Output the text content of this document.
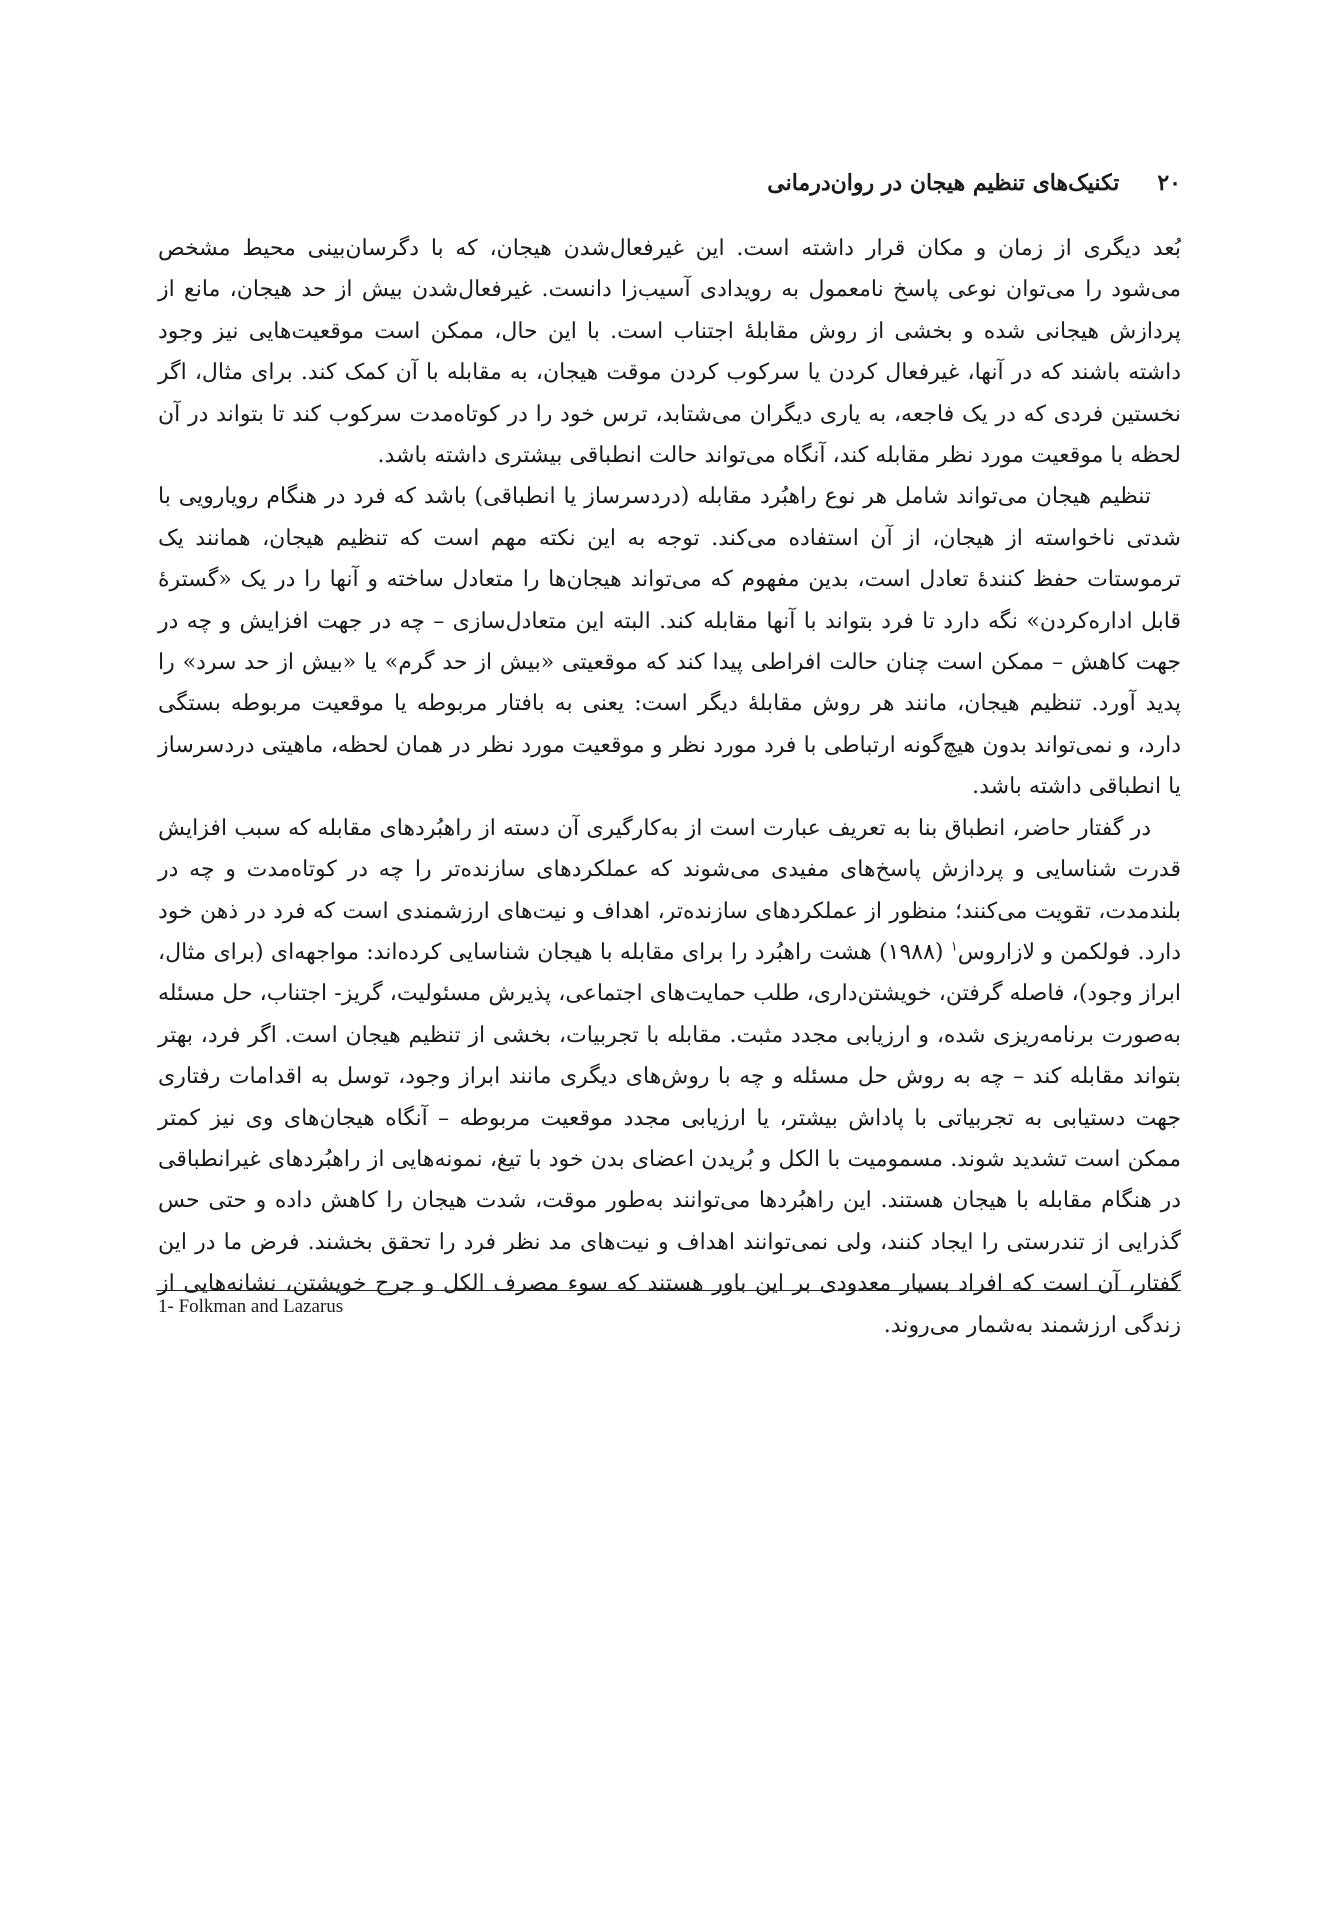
۲۰
تکنیک‌های تنظیم هیجان در روان‌درمانی

بُعد دیگری از زمان و مکان قرار داشته است. این غیرفعال‌شدن هیجان، که با دگرسان‌بینی محیط مشخص می‌شود را می‌توان نوعی پاسخ نامعمول به رویدادی آسیب‌زا دانست. غیرفعال‌شدن بیش از حد هیجان، مانع از پردازش هیجانی شده و بخشی از روش مقابلۀ اجتناب است. با این حال، ممکن است موقعیت‌هایی نیز وجود داشته باشند که در آنها، غیرفعال کردن یا سرکوب کردن موقت هیجان، به مقابله با آن کمک کند. برای مثال، اگر نخستین فردی که در یک فاجعه، به یاری دیگران می‌شتابد، ترس خود را در کوتاه‌مدت سرکوب کند تا بتواند در آن لحظه با موقعیت مورد نظر مقابله کند، آنگاه می‌تواند حالت انطباقی بیشتری داشته باشد.

تنظیم هیجان می‌تواند شامل هر نوع راهبُرد مقابله (دردسرساز یا انطباقی) باشد که فرد در هنگام رویارویی با شدتی ناخواسته از هیجان، از آن استفاده می‌کند. توجه به این نکته مهم است که تنظیم هیجان، همانند یک ترموستات حفظ کنندۀ تعادل است، بدین مفهوم که می‌تواند هیجان‌ها را متعادل ساخته و آنها را در یک «گسترۀ قابل اداره‌کردن» نگه دارد تا فرد بتواند با آنها مقابله کند. البته این متعادل‌سازی – چه در جهت افزایش و چه در جهت کاهش – ممکن است چنان حالت افراطی پیدا کند که موقعیتی «بیش از حد گرم» یا «بیش از حد سرد» را پدید آورد. تنظیم هیجان، مانند هر روش مقابلۀ دیگر است: یعنی به بافتار مربوطه یا موقعیت مربوطه بستگی دارد، و نمی‌تواند بدون هیچ‌گونه ارتباطی با فرد مورد نظر و موقعیت مورد نظر در همان لحظه، ماهیتی دردسرساز یا انطباقی داشته باشد.

در گفتار حاضر، انطباق بنا به تعریف عبارت است از به‌کارگیری آن دسته از راهبُردهای مقابله که سبب افزایش قدرت شناسایی و پردازش پاسخ‌های مفیدی می‌شوند که عملکردهای سازنده‌تر را چه در کوتاه‌مدت و چه در بلندمدت، تقویت می‌کنند؛ منظور از عملکردهای سازنده‌تر، اهداف و نیت‌های ارزشمندی است که فرد در ذهن خود دارد. فولکمن و لازاروس$^۱$ (۱۹۸۸) هشت راهبُرد را برای مقابله با هیجان شناسایی کرده‌اند: مواجهه‌ای (برای مثال، ابراز وجود)، فاصله گرفتن، خویشتن‌داری، طلب حمایت‌های اجتماعی، پذیرش مسئولیت، گریز- اجتناب، حل مسئله به‌صورت برنامه‌ریزی شده، و ارزیابی مجدد مثبت. مقابله با تجربیات، بخشی از تنظیم هیجان است. اگر فرد، بهتر بتواند مقابله کند – چه به روش حل مسئله و چه با روش‌های دیگری مانند ابراز وجود، توسل به اقدامات رفتاری جهت دستیابی به تجربیاتی با پاداش بیشتر، یا ارزیابی مجدد موقعیت مربوطه – آنگاه هیجان‌های وی نیز کمتر ممکن است تشدید شوند. مسمومیت با الکل و بُریدن اعضای بدن خود با تیغ، نمونه‌هایی از راهبُردهای غیرانطباقی در هنگام مقابله با هیجان هستند. این راهبُردها می‌توانند به‌طور موقت، شدت هیجان را کاهش داده و حتی حس گذرایی از تندرستی را ایجاد کنند، ولی نمی‌توانند اهداف و نیت‌های مد نظر فرد را تحقق بخشند. فرض ما در این گفتار، آن است که افراد بسیار معدودی بر این باور هستند که سوء مصرف الکل و جرح خویشتن، نشانه‌هایی از زندگی ارزشمند به‌شمار می‌روند.

1- Folkman and Lazarus
